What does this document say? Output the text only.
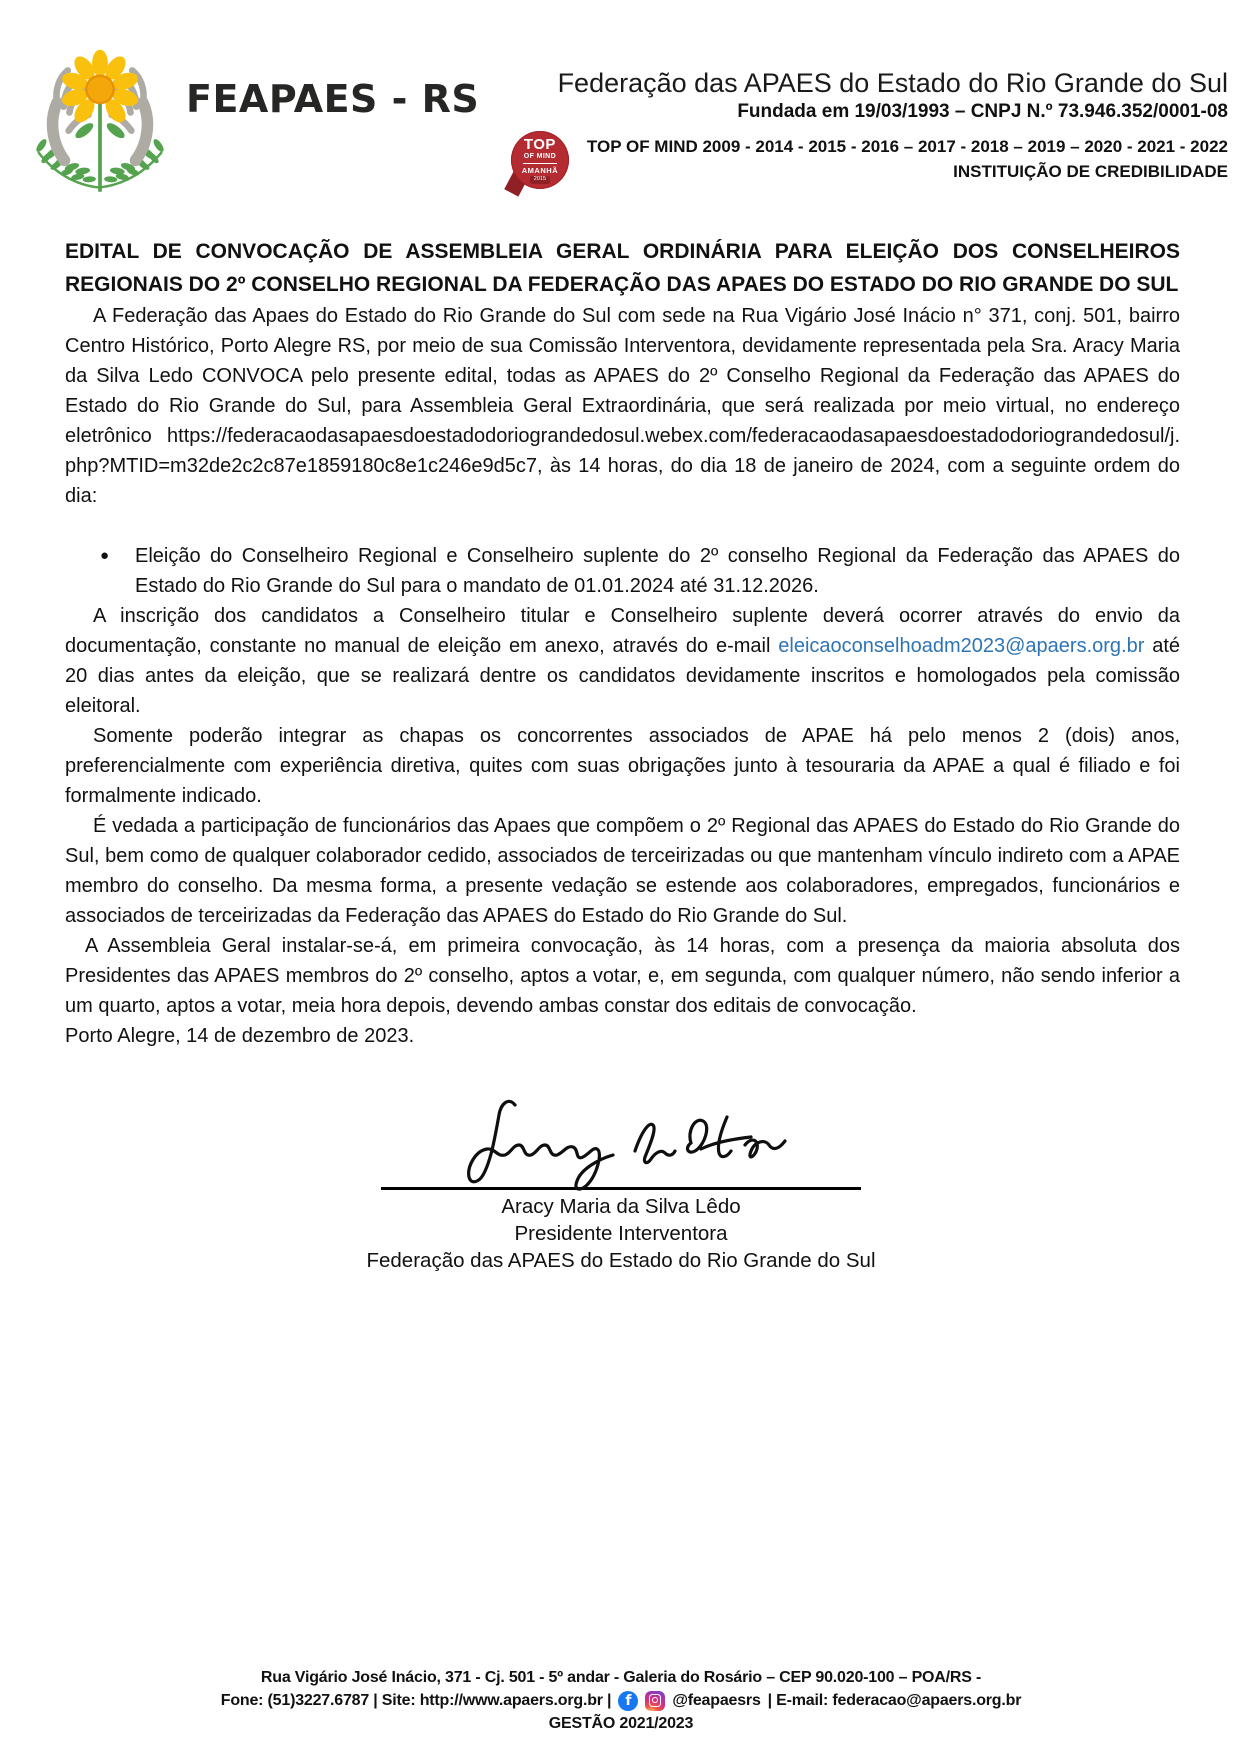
FEAPAES - RS	Federação das APAES do Estado do Rio Grande do Sul
Fundada em 19/03/1993 – CNPJ N.º 73.946.352/0001-08
TOP
OF MIND
AMANHÃ
2015
TOP OF MIND 2009 - 2014 - 2015 - 2016 – 2017 - 2018 – 2019 – 2020 - 2021 - 2022
INSTITUIÇÃO DE CREDIBILIDADE
EDITAL DE CONVOCAÇÃO DE ASSEMBLEIA GERAL ORDINÁRIA PARA ELEIÇÃO DOS CONSELHEIROS REGIONAIS DO 2º CONSELHO REGIONAL DA FEDERAÇÃO DAS APAES DO ESTADO DO RIO GRANDE DO SUL

A Federação das Apaes do Estado do Rio Grande do Sul com sede na Rua Vigário José Inácio n° 371, conj. 501, bairro Centro Histórico, Porto Alegre RS, por meio de sua Comissão Interventora, devidamente representada pela Sra. Aracy Maria da Silva Ledo CONVOCA pelo presente edital, todas as APAES do 2º Conselho Regional da Federação das APAES do Estado do Rio Grande do Sul, para Assembleia Geral Extraordinária, que será realizada por meio virtual, no endereço eletrônico https://federacaodasapaesdoestadodoriograndedosul.webex.com/federacaodasapaesdoestadodoriograndedosul/j.php?MTID=m32de2c2c87e1859180c8e1c246e9d5c7, às 14 horas, do dia 18 de janeiro de 2024, com a seguinte ordem do dia:

●	Eleição do Conselheiro Regional e Conselheiro suplente do 2º conselho Regional da Federação das APAES do Estado do Rio Grande do Sul para o mandato de 01.01.2024 até 31.12.2026.

A inscrição dos candidatos a Conselheiro titular e Conselheiro suplente deverá ocorrer através do envio da documentação, constante no manual de eleição em anexo, através do e-mail eleicaoconselhoadm2023@apaers.org.br até 20 dias antes da eleição, que se realizará dentre os candidatos devidamente inscritos e homologados pela comissão eleitoral.

Somente poderão integrar as chapas os concorrentes associados de APAE há pelo menos 2 (dois) anos, preferencialmente com experiência diretiva, quites com suas obrigações junto à tesouraria da APAE a qual é filiado e foi formalmente indicado.

É vedada a participação de funcionários das Apaes que compõem o 2º Regional das APAES do Estado do Rio Grande do Sul, bem como de qualquer colaborador cedido, associados de terceirizadas ou que mantenham vínculo indireto com a APAE membro do conselho. Da mesma forma, a presente vedação se estende aos colaboradores, empregados, funcionários e associados de terceirizadas da Federação das APAES do Estado do Rio Grande do Sul.

A Assembleia Geral instalar-se-á, em primeira convocação, às 14 horas, com a presença da maioria absoluta dos Presidentes das APAES membros do 2º conselho, aptos a votar, e, em segunda, com qualquer número, não sendo inferior a um quarto, aptos a votar, meia hora depois, devendo ambas constar dos editais de convocação.

Porto Alegre, 14 de dezembro de 2023.

Aracy Maria da Silva Lêdo
Presidente Interventora
Federação das APAES do Estado do Rio Grande do Sul
Rua Vigário José Inácio, 371 - Cj. 501 - 5º andar - Galeria do Rosário – CEP 90.020-100 – POA/RS -
Fone: (51)3227.6787 | Site: http://www.apaers.org.br | f	@feapaesrs | E-mail: federacao@apaers.org.br
GESTÃO 2021/2023
